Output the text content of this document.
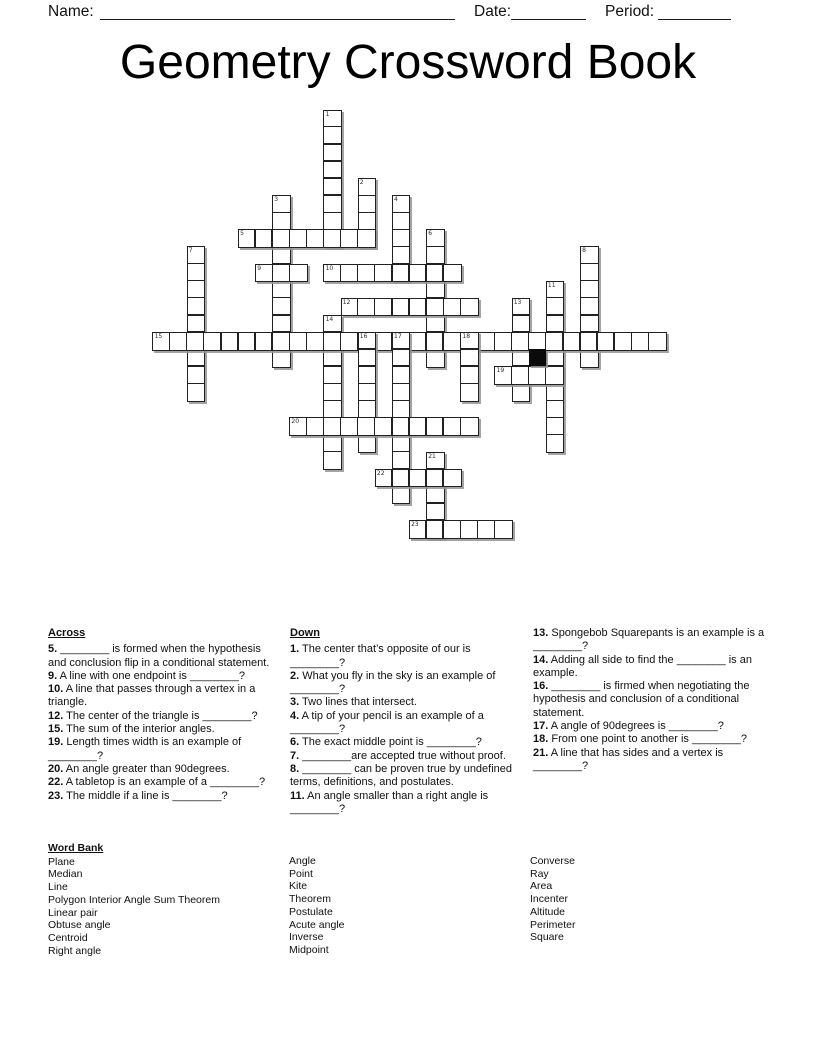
Name:	Date:	Period:
Geometry Crossword Book
1
2
3	4
5	6
7	8
9	10
11
12	13
14
15	16	17	18
19
20
21
22
23
Across
5. ________ is formed when the hypothesis and conclusion flip in a conditional statement.
9. A line with one endpoint is ________?
10. A line that passes through a vertex in a triangle.
12. The center of the triangle is ________?
15. The sum of the interior angles.
19. Length times width is an example of ________?
20. An angle greater than 90degrees.
22. A tabletop is an example of a ________?
23. The middle if a line is ________?
Down
1. The center that’s opposite of our is ________?
2. What you fly in the sky is an example of ________?
3. Two lines that intersect.
4. A tip of your pencil is an example of a ________?
6. The exact middle point is ________?
7. ________are accepted true without proof.
8. ________ can be proven true by undefined terms, definitions, and postulates.
11. An angle smaller than a right angle is ________?
13. Spongebob Squarepants is an example is a ________?
14. Adding all side to find the ________ is an example.
16. ________ is firmed when negotiating the hypothesis and conclusion of a conditional statement.
17. A angle of 90degrees is ________?
18. From one point to another is ________?
21. A line that has sides and a vertex is ________?
Word Bank
Plane
Median
Line
Polygon Interior Angle Sum Theorem
Linear pair
Obtuse angle
Centroid
Right angle
Angle
Point
Kite
Theorem
Postulate
Acute angle
Inverse
Midpoint
Converse
Ray
Area
Incenter
Altitude
Perimeter
Square
